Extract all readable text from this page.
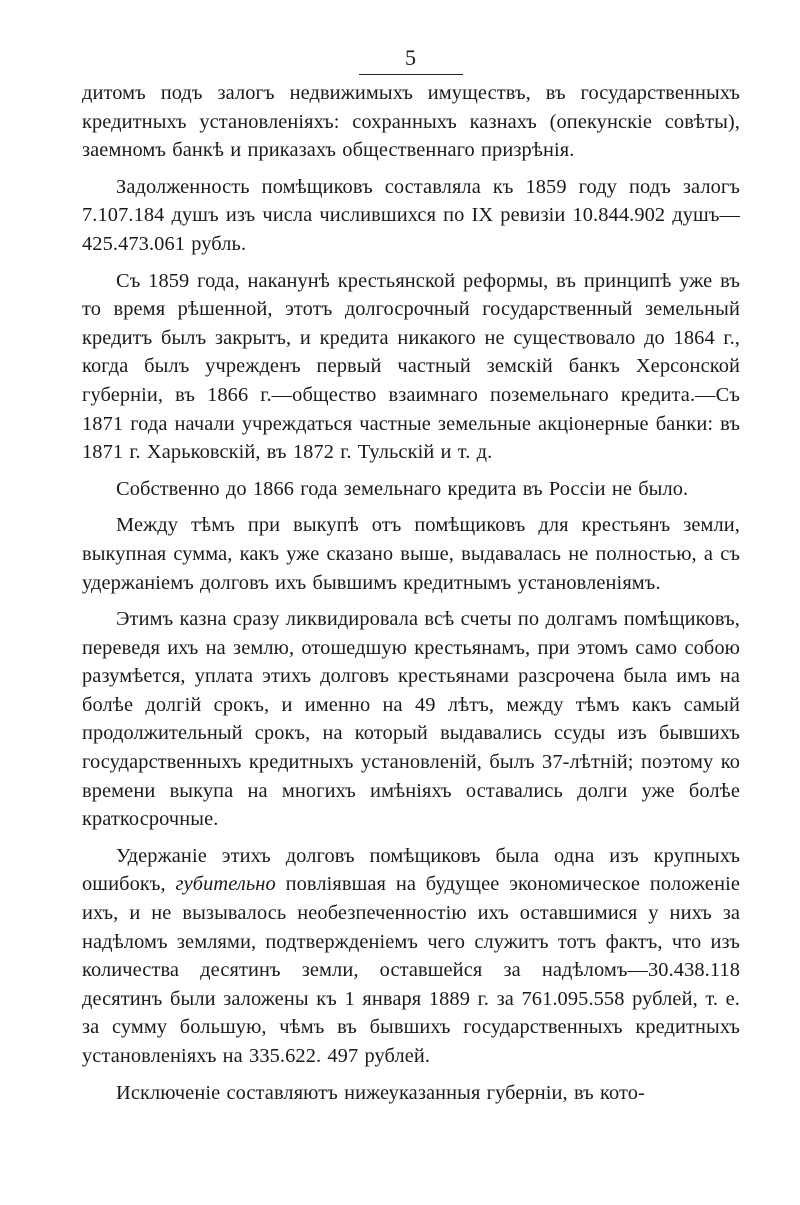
5

дитомъ подъ залогъ недвижимыхъ имуществъ, въ государственныхъ кредитныхъ установленiяхъ: сохранныхъ казнахъ (опекунскiе совѣты), заемномъ банкѣ и приказахъ общественнаго призрѣнiя.

Задолженность помѣщиковъ составляла къ 1859 году подъ залогъ 7.107.184 душъ изъ числа числившихся по IX ревизiи 10.844.902 душъ—425.473.061 рубль.

Съ 1859 года, наканунѣ крестьянской реформы, въ принципѣ уже въ то время рѣшенной, этотъ долгосрочный государственный земельный кредитъ былъ закрытъ, и кредита никакого не существовало до 1864 г., когда былъ учрежденъ первый частный земскiй банкъ Херсонской губернiи, въ 1866 г.—общество взаимнаго поземельнаго кредита.—Съ 1871 года начали учреждаться частные земельные акцiонерные банки: въ 1871 г. Харьковскiй, въ 1872 г. Тульскiй и т. д.

Собственно до 1866 года земельнаго кредита въ Россiи не было.

Между тѣмъ при выкупѣ отъ помѣщиковъ для крестьянъ земли, выкупная сумма, какъ уже сказано выше, выдавалась не полностью, а съ удержанiемъ долговъ ихъ бывшимъ кредитнымъ установленiямъ.

Этимъ казна сразу ликвидировала всѣ счеты по долгамъ помѣщиковъ, переведя ихъ на землю, отошедшую крестьянамъ, при этомъ само собою разумѣется, уплата этихъ долговъ крестьянами разсрочена была имъ на болѣе долгiй срокъ, и именно на 49 лѣтъ, между тѣмъ какъ самый продолжительный срокъ, на который выдавались ссуды изъ бывшихъ государственныхъ кредитныхъ установленiй, былъ 37-лѣтнiй; поэтому ко времени выкупа на многихъ имѣнiяхъ оставались долги уже болѣе краткосрочные.

Удержанiе этихъ долговъ помѣщиковъ была одна изъ крупныхъ ошибокъ, губительно повлiявшая на будущее экономическое положенiе ихъ, и не вызывалось необезпеченностiю ихъ оставшимися у нихъ за надѣломъ землями, подтвержденiемъ чего служитъ тотъ фактъ, что изъ количества десятинъ земли, оставшейся за надѣломъ—30.438.118 десятинъ были заложены къ 1 января 1889 г. за 761.095.558 рублей, т. е. за сумму большую, чѣмъ въ бывшихъ государственныхъ кредитныхъ установленiяхъ на 335.622. 497 рублей.

Исключенiе составляютъ нижеуказанныя губернiи, въ кото-
